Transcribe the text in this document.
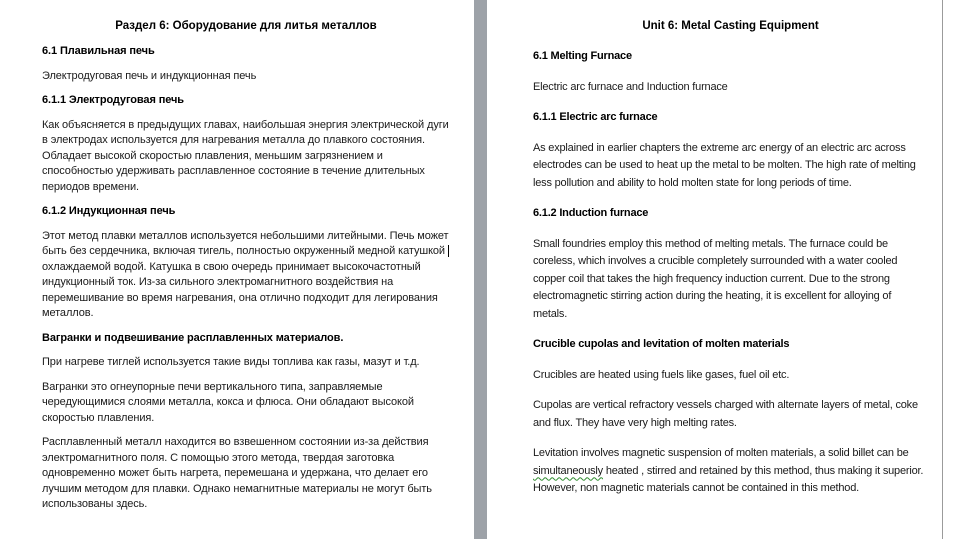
Раздел 6: Оборудование для литья металлов
6.1 Плавильная печь

Электродуговая печь и индукционная печь

6.1.1 Электродуговая печь

Как объясняется в предыдущих главах, наибольшая энергия электрической дуги в электродах используется для нагревания металла до плавкого состояния. Обладает высокой скоростью плавления, меньшим загрязнением и способностью удерживать расплавленное состояние в течение длительных периодов времени.

6.1.2 Индукционная печь

Этот метод плавки металлов используется небольшими литейными. Печь может быть без сердечника, включая тигель, полностью окруженный медной катушкой охлаждаемой водой. Катушка в свою очередь принимает высокочастотный индукционный ток. Из-за сильного электромагнитного воздействия на перемешивание во время нагревания, она отлично подходит для легирования металлов.

Вагранки и подвешивание расплавленных материалов.

При нагреве тиглей используется такие виды топлива как газы, мазут и т.д.

Вагранки это огнеупорные печи вертикального типа, заправляемые чередующимися слоями металла, кокса и флюса. Они обладают высокой скоростью плавления.

Расплавленный металл находится во взвешенном состоянии из-за действия электромагнитного поля. С помощью этого метода, твердая заготовка одновременно может быть нагрета, перемешана и удержана, что делает его лучшим методом для плавки. Однако немагнитные материалы не могут быть использованы здесь.

Unit 6: Metal Casting Equipment
6.1 Melting Furnace

Electric arc furnace and Induction furnace

6.1.1 Electric arc furnace

As explained in earlier chapters the extreme arc energy of an electric arc across electrodes can be used to heat up the metal to be molten. The high rate of melting less pollution and ability to hold molten state for long periods of time.

6.1.2 Induction furnace

Small foundries employ this method of melting metals. The furnace could be coreless, which involves a crucible completely surrounded with a water cooled copper coil that takes the high frequency induction current. Due to the strong electromagnetic stirring action during the heating, it is excellent for alloying of metals.

Crucible cupolas and levitation of molten materials

Crucibles are heated using fuels like gases, fuel oil etc.

Cupolas are vertical refractory vessels charged with alternate layers of metal, coke and flux. They have very high melting rates.

Levitation involves magnetic suspension of molten materials, a solid billet can be simultaneously heated , stirred and retained by this method, thus making it superior. However, non magnetic materials cannot be contained in this method.
